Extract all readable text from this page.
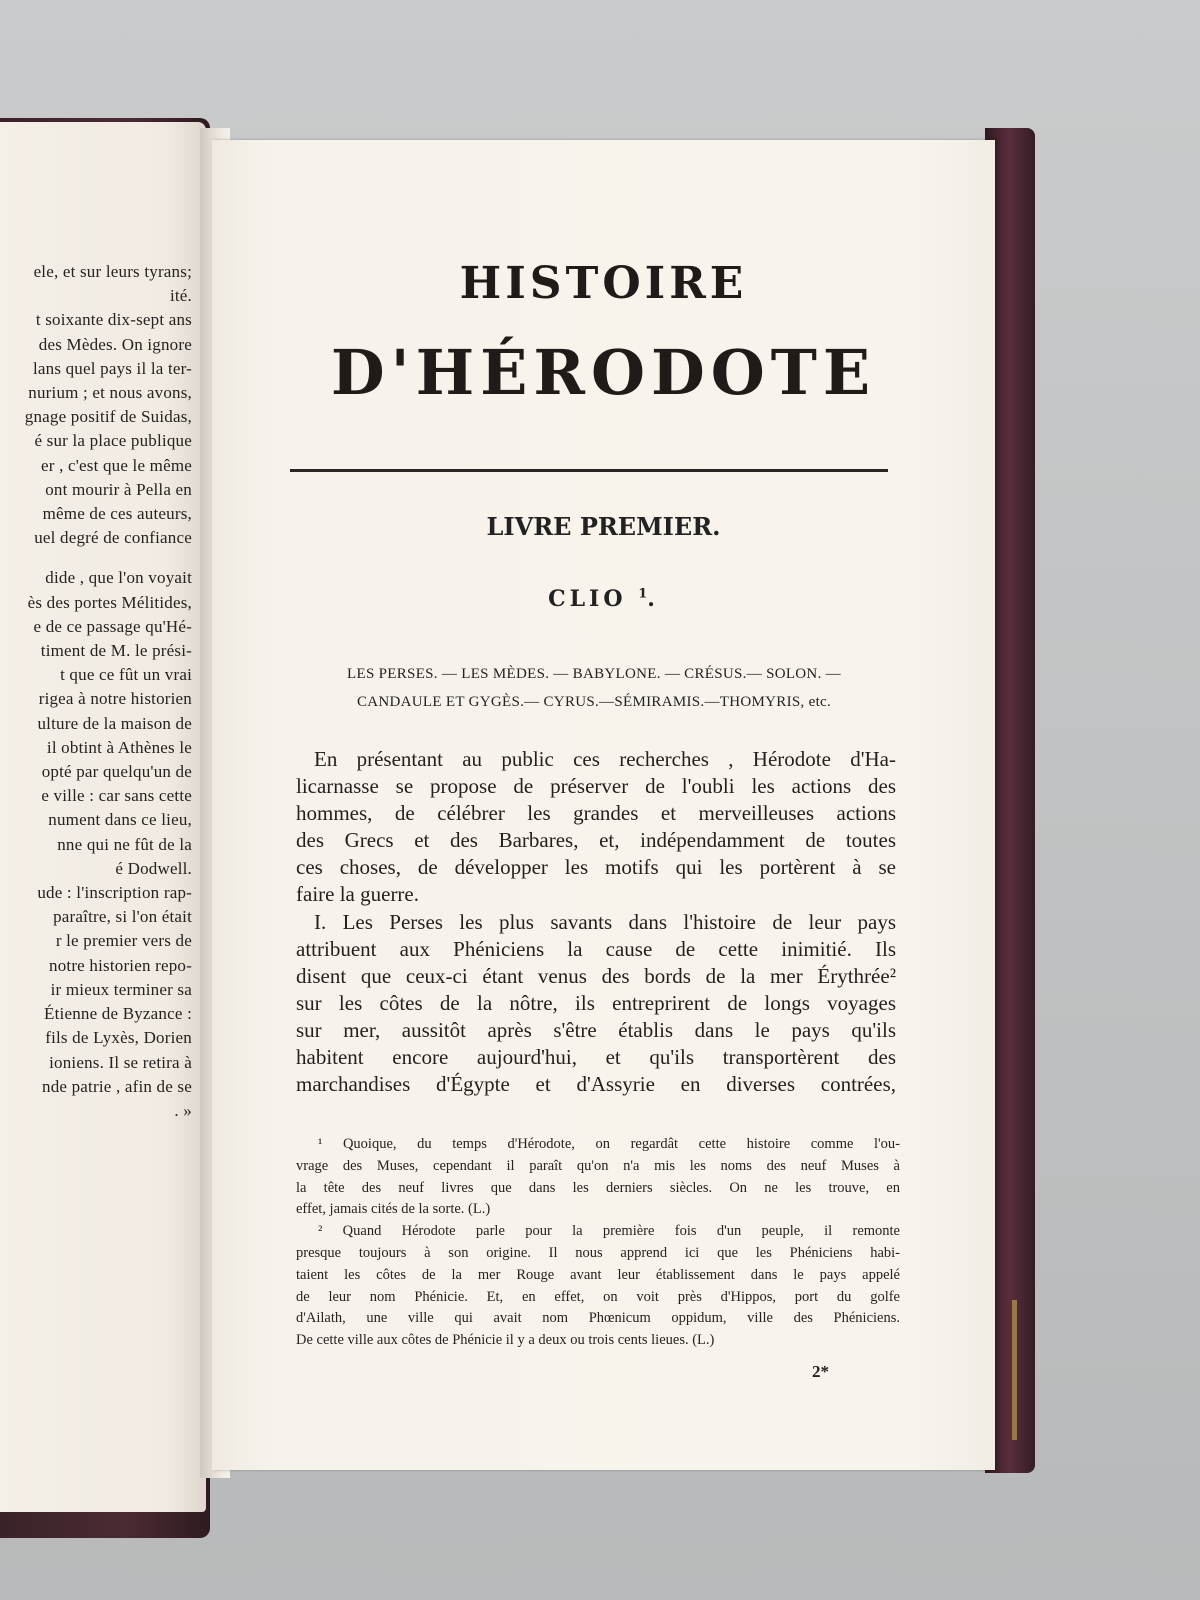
ele, et sur leurs tyrans;
ité.
t soixante dix-sept ans
des Mèdes. On ignore
lans quel pays il la ter-
nurium ; et nous avons,
gnage positif de Suidas,
é sur la place publique
er , c'est que le même
ont mourir à Pella en
même de ces auteurs,
uel degré de confiance
dide , que l'on voyait
ès des portes Mélitides,
e de ce passage qu'Hé-
timent de M. le prési-
t que ce fût un vrai
rigea à notre historien
ulture de la maison de
il obtint à Athènes le
opté par quelqu'un de
e ville : car sans cette
nument dans ce lieu,
nne qui ne fût de la
é Dodwell.
ude : l'inscription rap-
paraître, si l'on était
r le premier vers de
notre historien repo-
ir mieux terminer sa
Étienne de Byzance :
fils de Lyxès, Dorien
ioniens. Il se retira à
nde patrie , afin de se
. »
HISTOIRE
D'HÉRODOTE
LIVRE PREMIER.
CLIO $^1$.
LES PERSES. — LES MÈDES. — BABYLONE. — CRÉSUS.— SOLON. —
CANDAULE ET GYGÈS.— CYRUS.—SÉMIRAMIS.—THOMYRIS, etc.
En présentant au public ces recherches , Hérodote d'Ha-
licarnasse se propose de préserver de l'oubli les actions des
hommes, de célébrer les grandes et merveilleuses actions
des Grecs et des Barbares, et, indépendamment de toutes
ces choses, de développer les motifs qui les portèrent à se
faire la guerre.
I. Les Perses les plus savants dans l'histoire de leur pays
attribuent aux Phéniciens la cause de cette inimitié. Ils
disent que ceux-ci étant venus des bords de la mer Érythrée²
sur les côtes de la nôtre, ils entreprirent de longs voyages
sur mer, aussitôt après s'être établis dans le pays qu'ils
habitent encore aujourd'hui, et qu'ils transportèrent des
marchandises d'Égypte et d'Assyrie en diverses contrées,
¹ Quoique, du temps d'Hérodote, on regardât cette histoire comme l'ou-
vrage des Muses, cependant il paraît qu'on n'a mis les noms des neuf Muses à
la tête des neuf livres que dans les derniers siècles. On ne les trouve, en
effet, jamais cités de la sorte. (L.)
² Quand Hérodote parle pour la première fois d'un peuple, il remonte
presque toujours à son origine. Il nous apprend ici que les Phéniciens habi-
taient les côtes de la mer Rouge avant leur établissement dans le pays appelé
de leur nom Phénicie. Et, en effet, on voit près d'Hippos, port du golfe
d'Ailath, une ville qui avait nom Phœnicum oppidum, ville des Phéniciens.
De cette ville aux côtes de Phénicie il y a deux ou trois cents lieues. (L.)
2*
